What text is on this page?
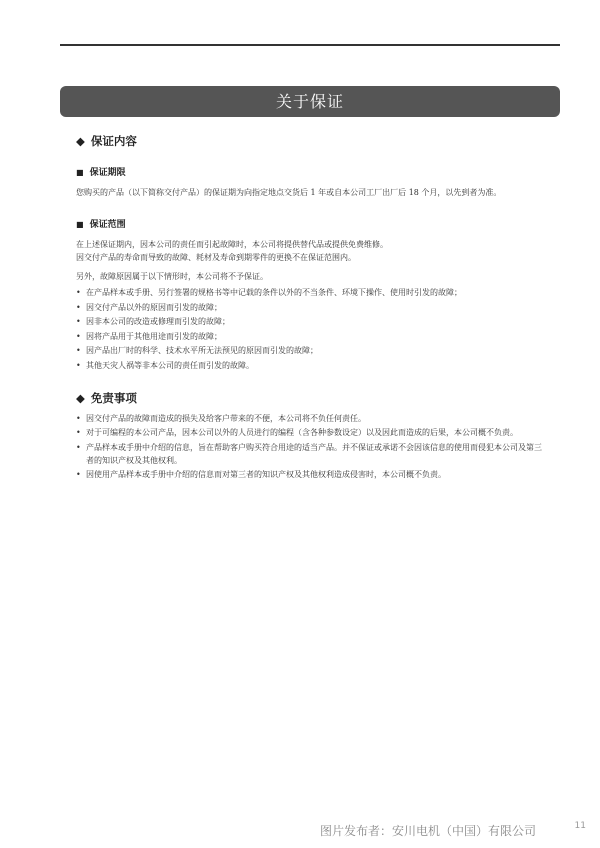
关于保证
◆ 保证内容
■ 保证期限

您购买的产品（以下简称交付产品）的保证期为向指定地点交货后 1 年或自本公司工厂出厂后 18 个月，以先到者为准。

■ 保证范围

在上述保证期内，因本公司的责任而引起故障时，本公司将提供替代品或提供免费维修。

因交付产品的寿命而导致的故障、耗材及寿命到期零件的更换不在保证范围内。

另外，故障原因属于以下情形时，本公司将不予保证。

• 在产品样本或手册、另行签署的规格书等中记载的条件以外的不当条件、环境下操作、使用时引发的故障；
• 因交付产品以外的原因而引发的故障；
• 因非本公司的改造或修理而引发的故障；
• 因将产品用于其他用途而引发的故障；
• 因产品出厂时的科学、技术水平所无法预见的原因而引发的故障；
• 其他天灾人祸等非本公司的责任而引发的故障。
◆ 免责事项
• 因交付产品的故障而造成的损失及给客户带来的不便，本公司将不负任何责任。
• 对于可编程的本公司产品，因本公司以外的人员进行的编程（含各种参数设定）以及因此而造成的后果，本公司概不负责。
• 产品样本或手册中介绍的信息，旨在帮助客户购买符合用途的适当产品。并不保证或承诺不会因该信息的使用而侵犯本公司及第三者的知识产权及其他权利。
• 因使用产品样本或手册中介绍的信息而对第三者的知识产权及其他权利造成侵害时，本公司概不负责。
11
图片发布者：安川电机（中国）有限公司
